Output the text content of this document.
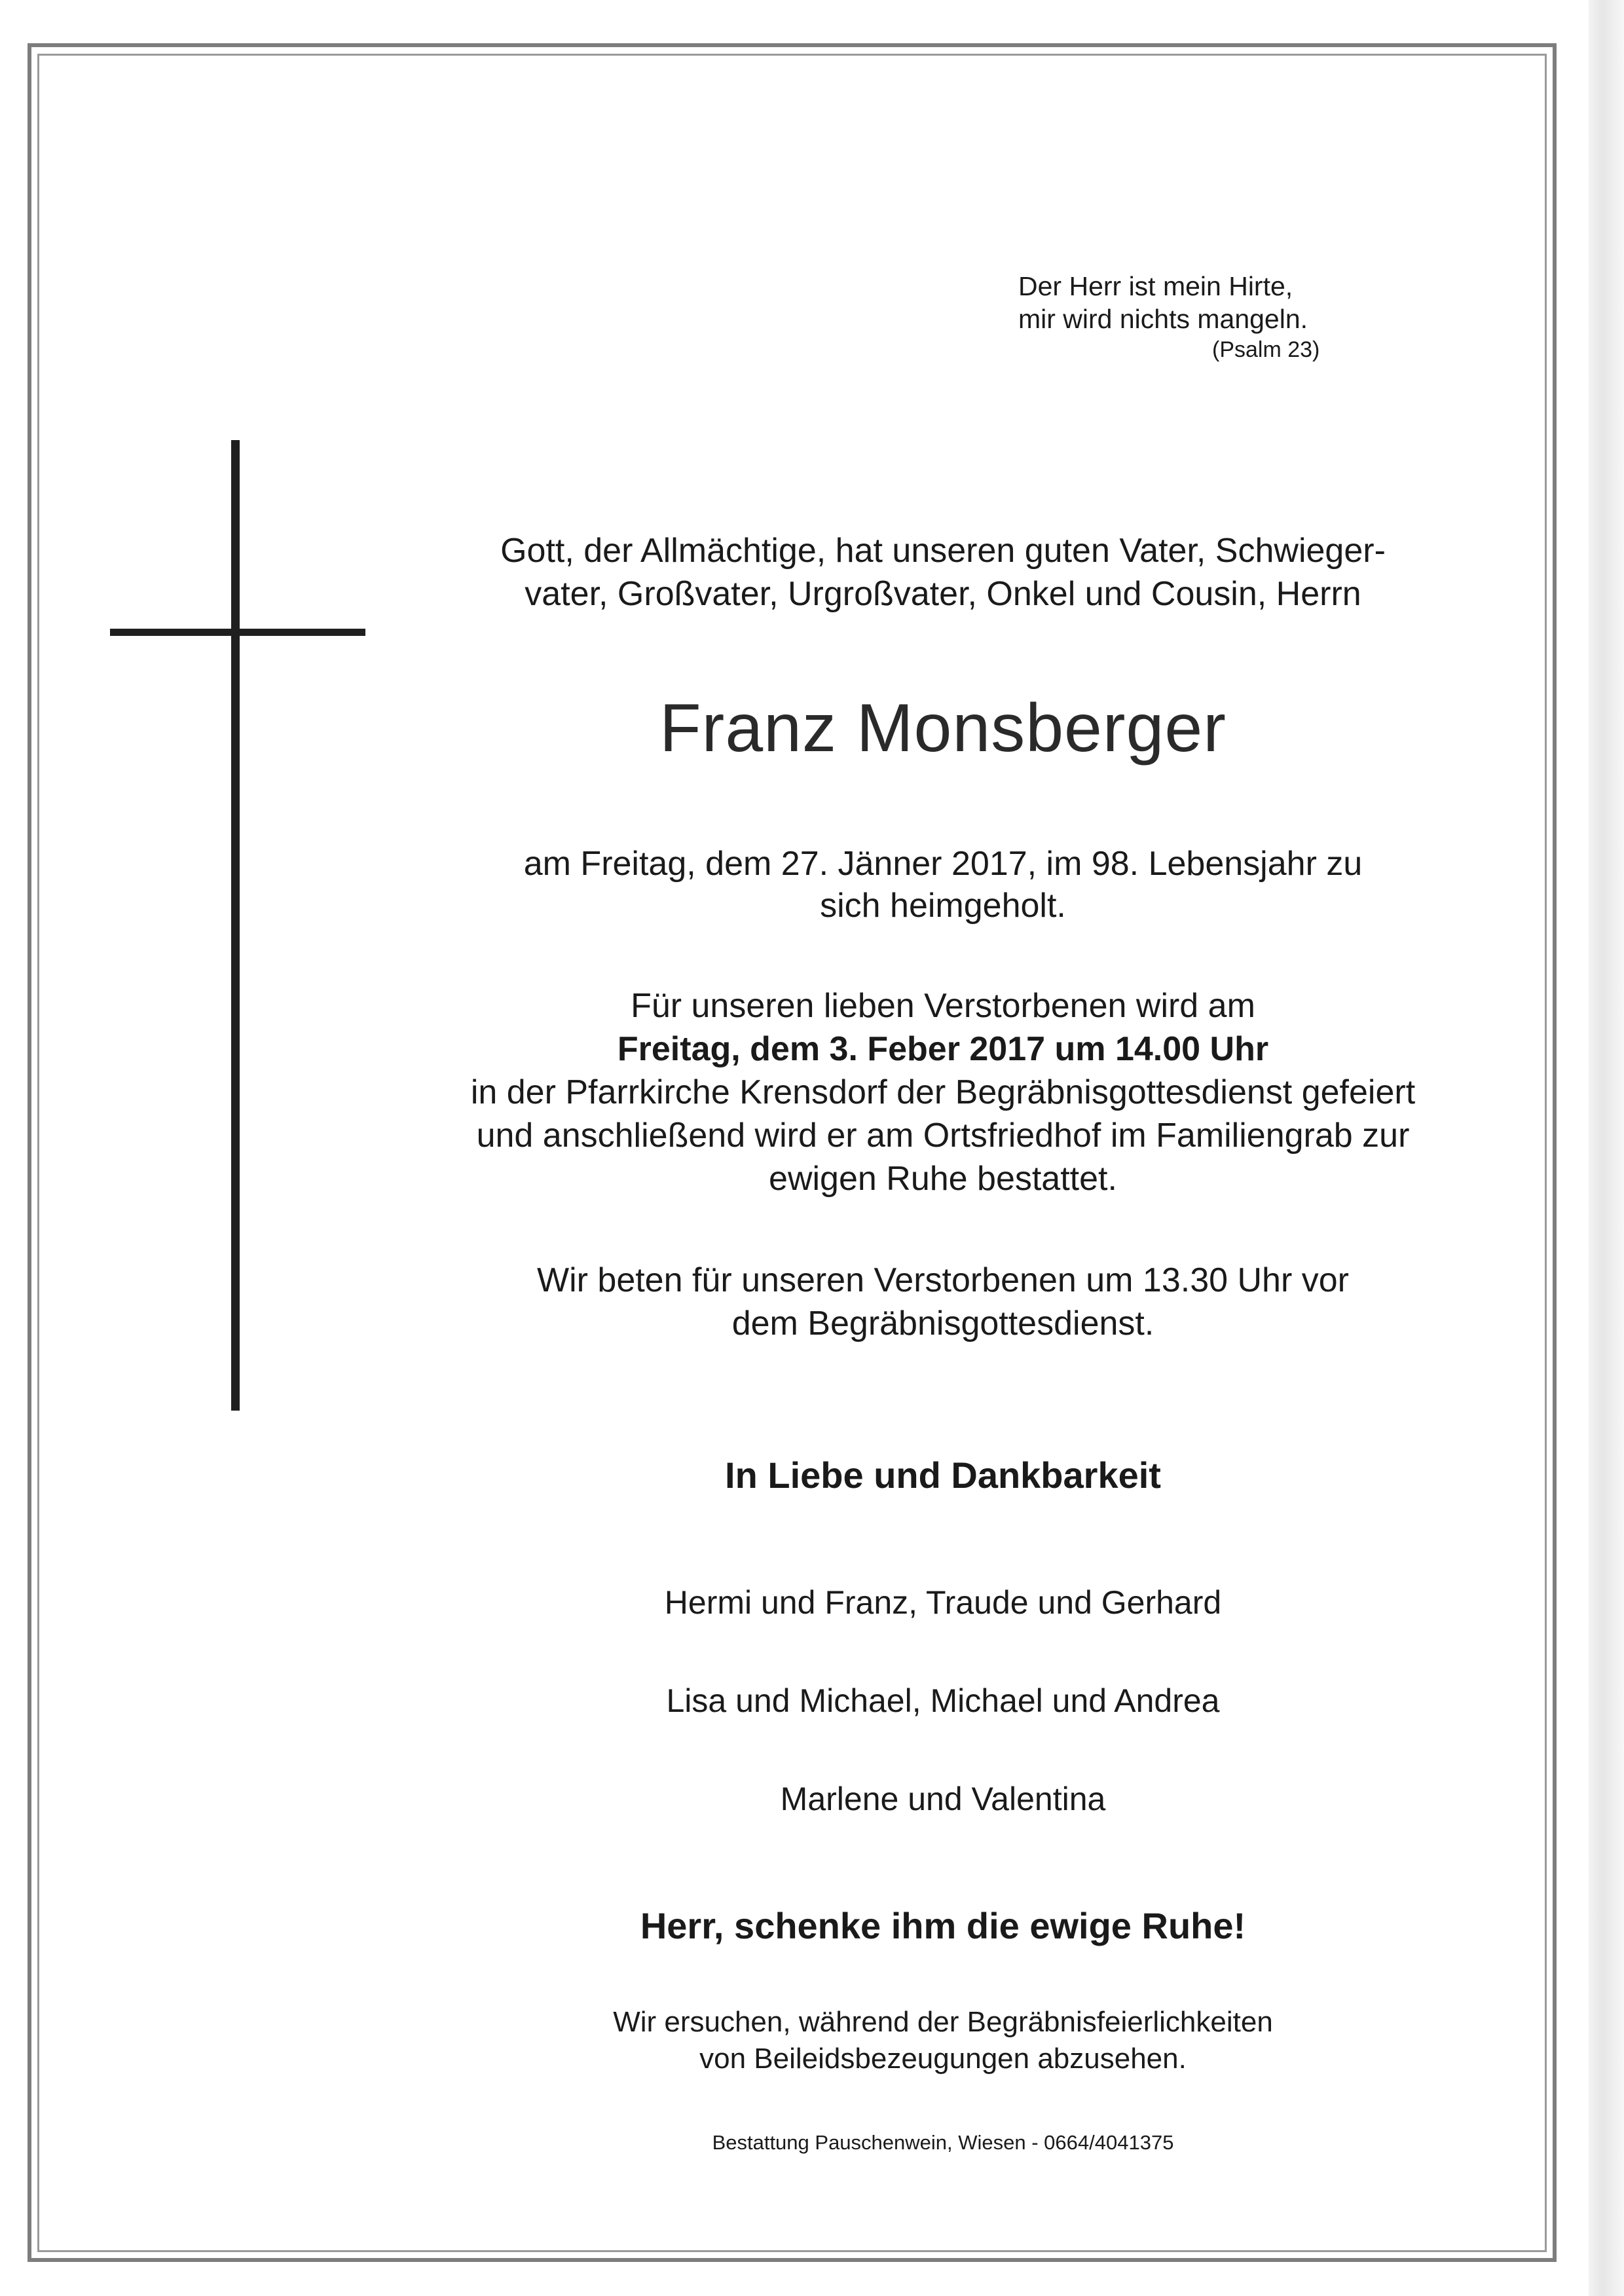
Der Herr ist mein Hirte,
mir wird nichts mangeln.
(Psalm 23)
Gott, der Allmächtige, hat unseren guten Vater, Schwieger-
vater, Großvater, Urgroßvater, Onkel und Cousin, Herrn
Franz Monsberger
am Freitag, dem 27. Jänner 2017, im 98. Lebensjahr zu
sich heimgeholt.
Für unseren lieben Verstorbenen wird am
Freitag, dem 3. Feber 2017 um 14.00 Uhr
in der Pfarrkirche Krensdorf der Begräbnisgottesdienst gefeiert
und anschließend wird er am Ortsfriedhof im Familiengrab zur
ewigen Ruhe bestattet.
Wir beten für unseren Verstorbenen um 13.30 Uhr vor
dem Begräbnisgottesdienst.
In Liebe und Dankbarkeit
Hermi und Franz, Traude und Gerhard
Lisa und Michael, Michael und Andrea
Marlene und Valentina
Herr, schenke ihm die ewige Ruhe!
Wir ersuchen, während der Begräbnisfeierlichkeiten
von Beileidsbezeugungen abzusehen.
Bestattung Pauschenwein, Wiesen - 0664/4041375
